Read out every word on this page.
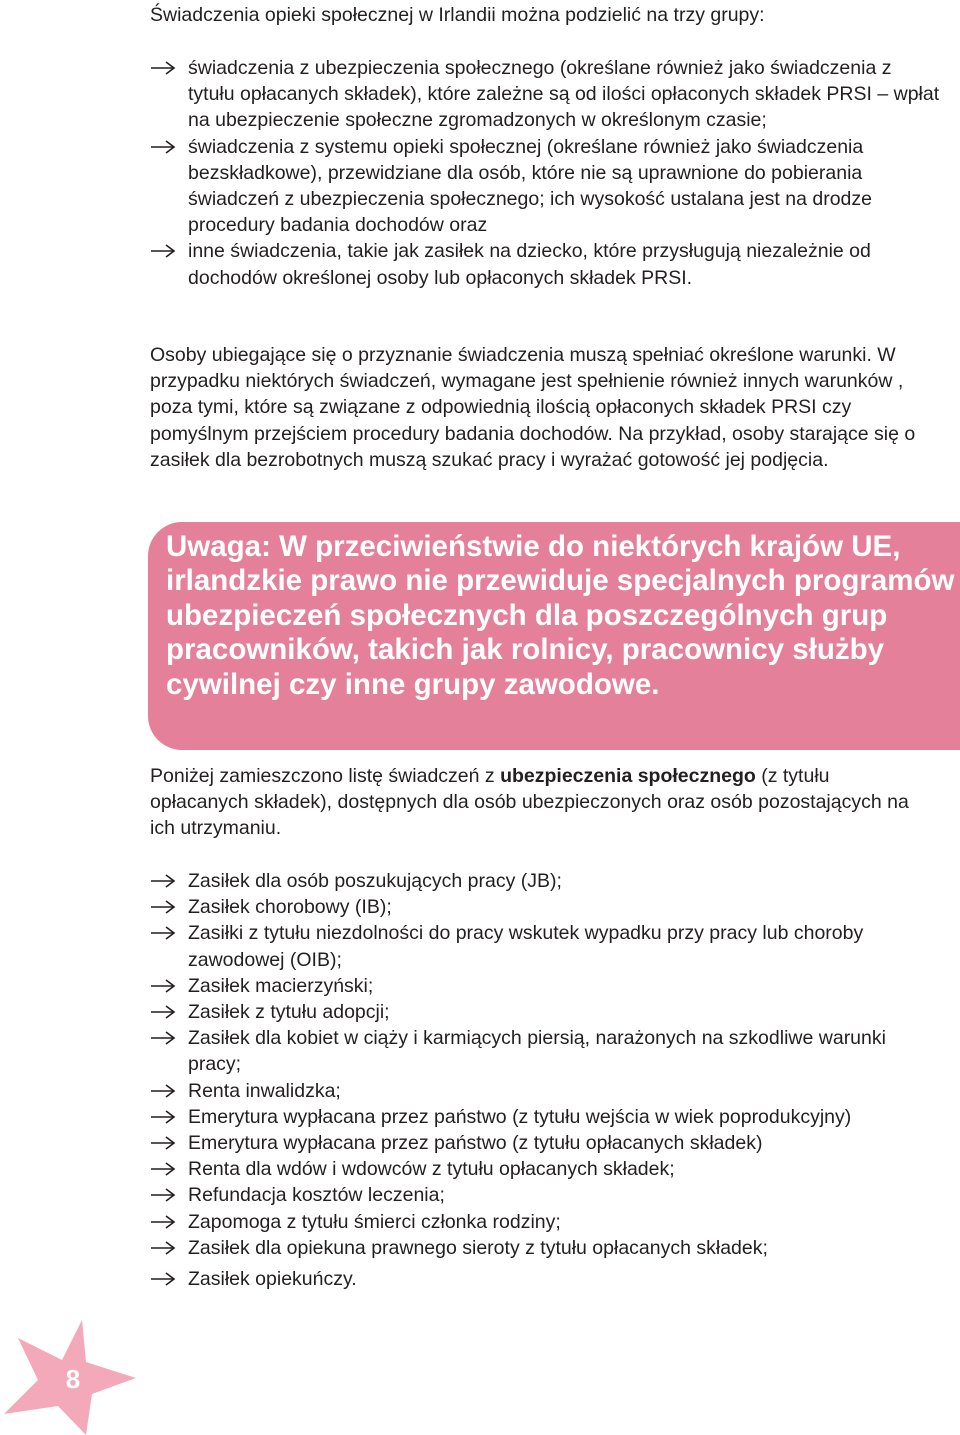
Świadczenia opieki społecznej w Irlandii można podzielić na trzy grupy:

świadczenia z ubezpieczenia społecznego (określane również jako świadczenia z tytułu opłacanych składek), które zależne są od ilości opłaconych składek PRSI – wpłat na ubezpieczenie społeczne zgromadzonych w określonym czasie;
świadczenia z systemu opieki społecznej (określane również jako świadczenia bezskładkowe), przewidziane dla osób, które nie są uprawnione do pobierania świadczeń z ubezpieczenia społecznego; ich wysokość ustalana jest na drodze procedury badania dochodów oraz
inne świadczenia, takie jak zasiłek na dziecko, które przysługują niezależnie od dochodów określonej osoby lub opłaconych składek PRSI.

Osoby ubiegające się o przyznanie świadczenia muszą spełniać określone warunki. W przypadku niektórych świadczeń, wymagane jest spełnienie również innych warunków , poza tymi, które są związane z odpowiednią ilością opłaconych składek PRSI czy pomyślnym przejściem procedury badania dochodów. Na przykład, osoby starające się o zasiłek dla bezrobotnych muszą szukać pracy i wyrażać gotowość jej podjęcia.

Uwaga: W przeciwieństwie do niektórych krajów UE, irlandzkie prawo nie przewiduje specjalnych programów ubezpieczeń społecznych dla poszczególnych grup pracowników, takich jak rolnicy, pracownicy służby cywilnej czy inne grupy zawodowe.

Poniżej zamieszczono listę świadczeń z ubezpieczenia społecznego (z tytułu opłacanych składek), dostępnych dla osób ubezpieczonych oraz osób pozostających na ich utrzymaniu.

Zasiłek dla osób poszukujących pracy (JB);
Zasiłek chorobowy (IB);
Zasiłki z tytułu niezdolności do pracy wskutek wypadku przy pracy lub choroby zawodowej (OIB);
Zasiłek macierzyński;
Zasiłek z tytułu adopcji;
Zasiłek dla kobiet w ciąży i karmiących piersią, narażonych na szkodliwe warunki pracy;
Renta inwalidzka;
Emerytura wypłacana przez państwo (z tytułu wejścia w wiek poprodukcyjny)
Emerytura wypłacana przez państwo (z tytułu opłacanych składek)
Renta dla wdów i wdowców z tytułu opłacanych składek;
Refundacja kosztów leczenia;
Zapomoga z tytułu śmierci członka rodziny;
Zasiłek dla opiekuna prawnego sieroty z tytułu opłacanych składek;
Zasiłek opiekuńczy.
8
